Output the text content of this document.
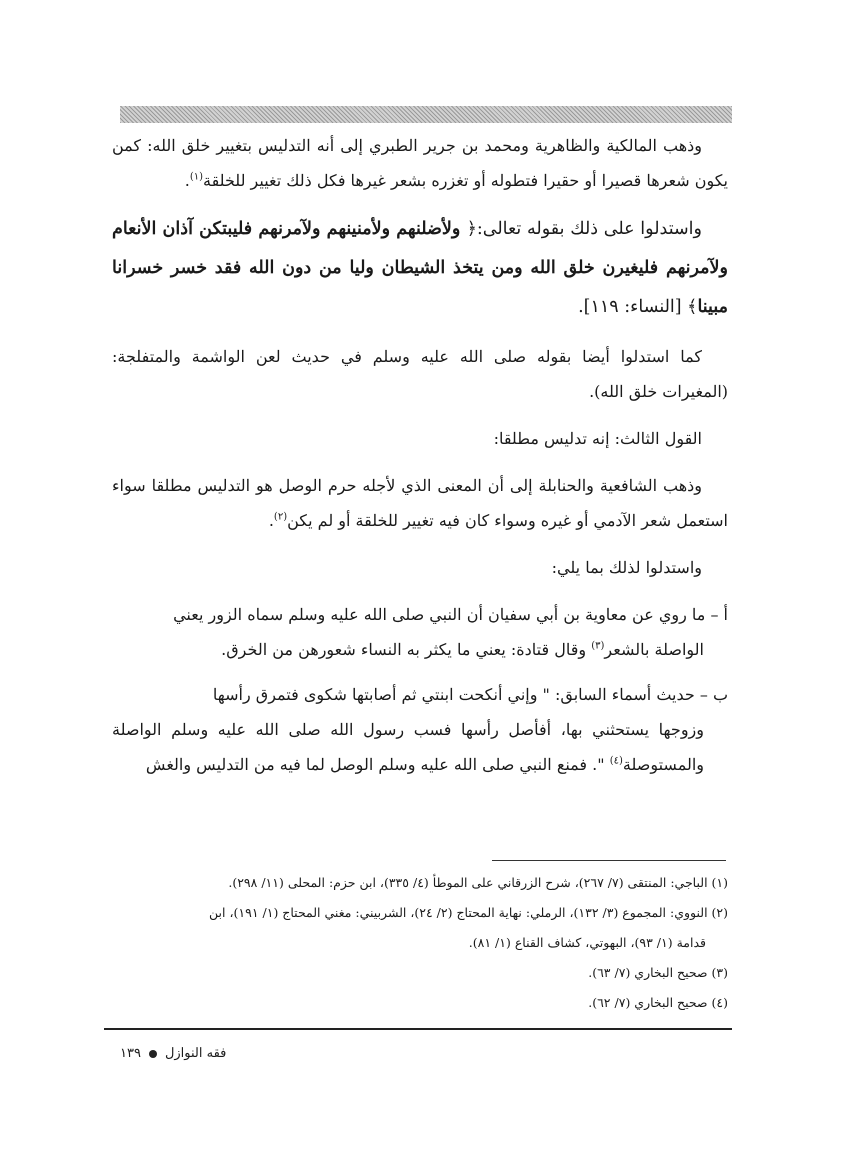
وذهب المالكية والظاهرية ومحمد بن جرير الطبري إلى أنه التدليس بتغيير خلق الله: كمن يكون شعرها قصيرا أو حقيرا فتطوله أو تغزره بشعر غيرها فكل ذلك تغيير للخلقة$^{(١)}$.

واستدلوا على ذلك بقوله تعالى:﴿ ولأضلنهم ولأمنينهم ولآمرنهم فليبتكن آذان الأنعام ولآمرنهم فليغيرن خلق الله ومن يتخذ الشيطان وليا من دون الله فقد خسر خسرانا مبينا﴾ [النساء: ١١٩].

كما استدلوا أيضا بقوله صلى الله عليه وسلم في حديث لعن الواشمة والمتفلجة: (المغيرات خلق الله).

القول الثالث: إنه تدليس مطلقا:

وذهب الشافعية والحنابلة إلى أن المعنى الذي لأجله حرم الوصل هو التدليس مطلقا سواء استعمل شعر الآدمي أو غيره وسواء كان فيه تغيير للخلقة أو لم يكن$^{(٢)}$.

واستدلوا لذلك بما يلي:

أ – ما روي عن معاوية بن أبي سفيان أن النبي صلى الله عليه وسلم سماه الزور يعني
الواصلة بالشعر$^{(٣)}$ وقال قتادة: يعني ما يكثر به النساء شعورهن من الخرق.

ب – حديث أسماء السابق: " وإني أنكحت ابنتي ثم أصابتها شكوى فتمرق رأسها
وزوجها يستحثني بها، أفأصل رأسها فسب رسول الله صلى الله عليه وسلم الواصلة والمستوصلة$^{(٤)}$ ". فمنع النبي صلى الله عليه وسلم الوصل لما فيه من التدليس والغش

(١) الباجي: المنتقى (٧/ ٢٦٧)، شرح الزرقاني على الموطأ (٤/ ٣٣٥)، ابن حزم: المحلى (١١/ ٢٩٨).

(٢) النووي: المجموع (٣/ ١٣٢)، الرملي: نهاية المحتاج (٢/ ٢٤)، الشربيني: مغني المحتاج (١/ ١٩١)، ابن
قدامة (١/ ٩٣)، البهوتي، كشاف القناع (١/ ٨١).

(٣) صحيح البخاري (٧/ ٦٣).

(٤) صحيح البخاري (٧/ ٦٢).

فقه النوازل
١٣٩
